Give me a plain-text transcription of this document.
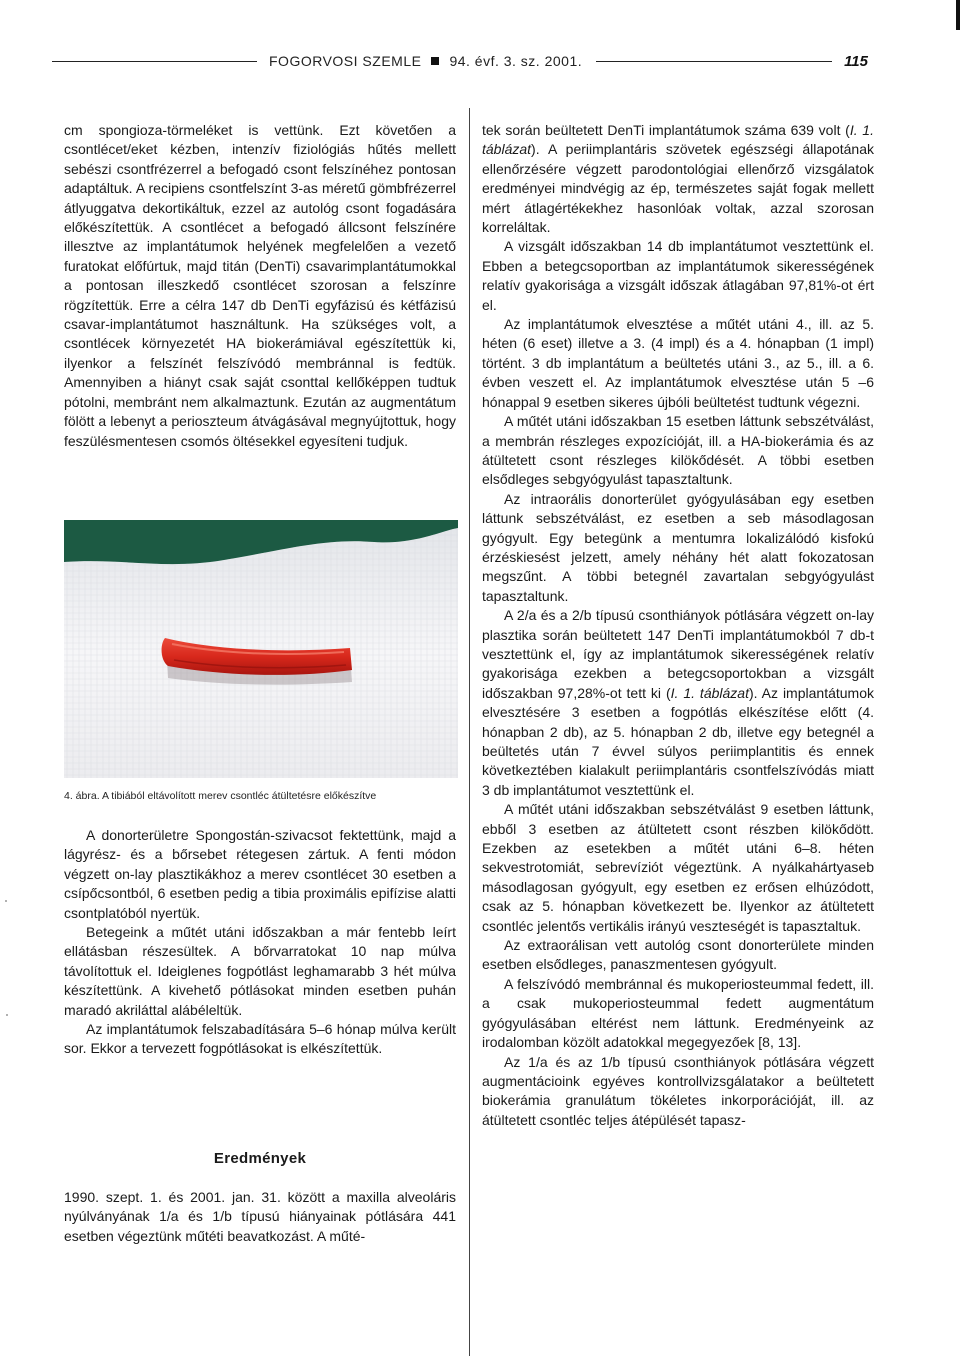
FOGORVOSI SZEMLE 94. évf. 3. sz. 2001.	115

cm spongioza-törmeléket is vettünk. Ezt követően a csontlécet/eket kézben, intenzív fiziológiás hűtés mellett sebészi csontfrézerrel a befogadó csont felszínéhez pontosan adaptáltuk. A recipiens csontfelszínt 3-as méretű gömbfrézerrel átlyuggatva dekortikáltuk, ezzel az autológ csont fogadására előkészítettük. A csontlécet a befogadó állcsont felszínére illesztve az implantátumok helyének megfelelően a vezető furatokat előfúrtuk, majd titán (DenTi) csavarimplantátumokkal a pontosan illeszkedő csontlécet szorosan a felszínre rögzítettük. Erre a célra 147 db DenTi egyfázisú és kétfázisú csavar-implantátumot használtunk. Ha szükséges volt, a csontlécek környezetét HA biokerámiával egészítettük ki, ilyenkor a felszínét felszívódó membránnal is fedtük. Amennyiben a hiányt csak saját csonttal kellőképpen tudtuk pótolni, membránt nem alkalmaztunk. Ezután az augmentátum fölött a lebenyt a perioszteum átvágásával megnyújtottuk, hogy feszülésmentesen csomós öltésekkel egyesíteni tudjuk.

4. ábra. A tibiából eltávolított merev csontléc átültetésre előkészítve

A donorterületre Spongostán-szivacsot fektettünk, majd a lágyrész- és a bőrsebet rétegesen zártuk. A fenti módon végzett on-lay plasztikákhoz a merev csontlécet 30 esetben a csípőcsontból, 6 esetben pedig a tibia proximális epifízise alatti csontplatóból nyertük.

Betegeink a műtét utáni időszakban a már fentebb leírt ellátásban részesültek. A bőrvarratokat 10 nap múlva távolítottuk el. Ideiglenes fogpótlást leghamarabb 3 hét múlva készítettünk. A kivehető pótlásokat minden esetben puhán maradó akriláttal alábéleltük.

Az implantátumok felszabadítására 5–6 hónap múlva került sor. Ekkor a tervezett fogpótlásokat is elkészítettük.

Eredmények

1990. szept. 1. és 2001. jan. 31. között a maxilla alveoláris nyúlványának 1/a és 1/b típusú hiányainak pótlására 441 esetben végeztünk műtéti beavatkozást. A műté-

tek során beültetett DenTi implantátumok száma 639 volt (I. 1. táblázat). A periimplantáris szövetek egészségi állapotának ellenőrzésére végzett parodontológiai ellenőrző vizsgálatok eredményei mindvégig az ép, természetes saját fogak mellett mért átlagértékekhez hasonlóak voltak, azzal szorosan korreláltak.

A vizsgált időszakban 14 db implantátumot vesztettünk el. Ebben a betegcsoportban az implantátumok sikerességének relatív gyakorisága a vizsgált időszak átlagában 97,81%-ot ért el.

Az implantátumok elvesztése a műtét utáni 4., ill. az 5. héten (6 eset) illetve a 3. (4 impl) és a 4. hónapban (1 impl) történt. 3 db implantátum a beültetés utáni 3., az 5., ill. a 6. évben veszett el. Az implantátumok elvesztése után 5 –6 hónappal 9 esetben sikeres újbóli beültetést tudtunk végezni.

A műtét utáni időszakban 15 esetben láttunk sebszétválást, a membrán részleges expozícióját, ill. a HA-biokerámia és az átültetett csont részleges kilökődését. A többi esetben elsődleges sebgyógyulást tapasztaltunk.

Az intraorális donorterület gyógyulásában egy esetben láttunk sebszétválást, ez esetben a seb másodlagosan gyógyult. Egy betegünk a mentumra lokalizálódó kisfokú érzéskiesést jelzett, amely néhány hét alatt fokozatosan megszűnt. A többi betegnél zavartalan sebgyógyulást tapasztaltunk.

A 2/a és a 2/b típusú csonthiányok pótlására végzett on-lay plasztika során beültetett 147 DenTi implantátumokból 7 db-t vesztettünk el, így az implantátumok sikerességének relatív gyakorisága ezekben a betegcsoportokban a vizsgált időszakban 97,28%-ot tett ki (I. 1. táblázat). Az implantátumok elvesztésére 3 esetben a fogpótlás elkészítése előtt (4. hónapban 2 db), az 5. hónapban 2 db, illetve egy betegnél a beültetés után 7 évvel súlyos periimplantitis és ennek következtében kialakult periimplantáris csontfelszívódás miatt 3 db implantátumot vesztettünk el.

A műtét utáni időszakban sebszétválást 9 esetben láttunk, ebből 3 esetben az átültetett csont részben kilökődött. Ezekben az esetekben a műtét utáni 6–8. héten sekvestrotomiát, sebrevíziót végeztünk. A nyálkahártyaseb másodlagosan gyógyult, egy esetben ez erősen elhúzódott, csak az 5. hónapban következett be. Ilyenkor az átültetett csontléc jelentős vertikális irányú veszteségét is tapasztaltuk.

Az extraorálisan vett autológ csont donorterülete minden esetben elsődleges, panaszmentesen gyógyult.

A felszívódó membránnal és mukoperiosteummal fedett, ill. a csak mukoperiosteummal fedett augmentátum gyógyulásában eltérést nem láttunk. Eredményeink az irodalomban közölt adatokkal megegyezőek [8, 13].

Az 1/a és az 1/b típusú csonthiányok pótlására végzett augmentácioink egyéves kontrollvizsgálatakor a beültetett biokerámia granulátum tökéletes inkorporációját, ill. az átültetett csontléc teljes átépülését tapasz-
